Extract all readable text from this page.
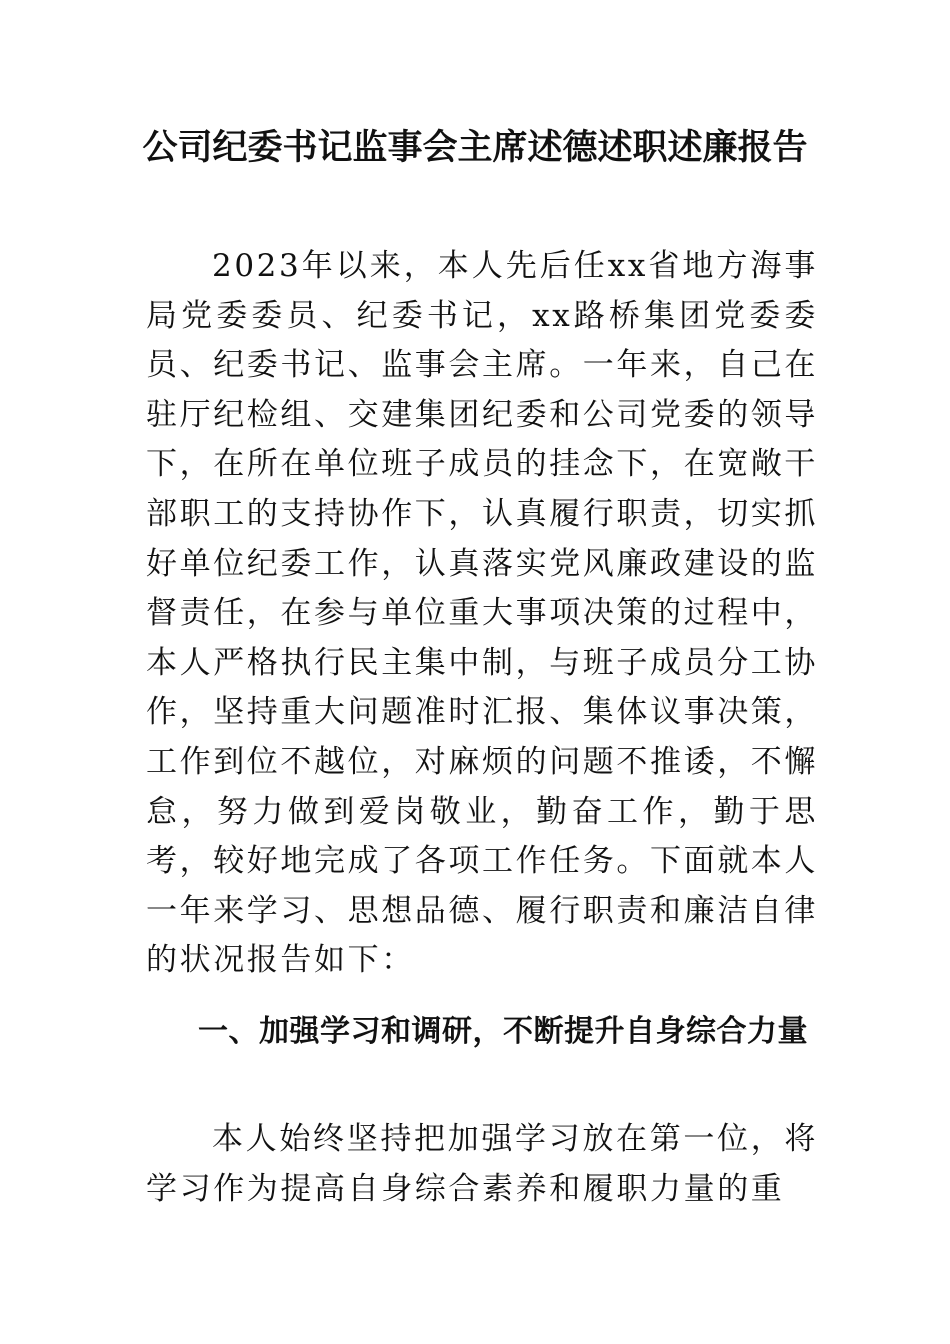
公司纪委书记监事会主席述德述职述廉报告

2023年以来，本人先后任xx省地方海事局党委委员、纪委书记，xx路桥集团党委委员、纪委书记、监事会主席。一年来，自己在驻厅纪检组、交建集团纪委和公司党委的领导下，在所在单位班子成员的挂念下，在宽敞干部职工的支持协作下，认真履行职责，切实抓好单位纪委工作，认真落实党风廉政建设的监督责任，在参与单位重大事项决策的过程中，本人严格执行民主集中制，与班子成员分工协作，坚持重大问题准时汇报、集体议事决策，工作到位不越位，对麻烦的问题不推诿，不懈怠，努力做到爱岗敬业，勤奋工作，勤于思考，较好地完成了各项工作任务。下面就本人一年来学习、思想品德、履行职责和廉洁自律的状况报告如下：

一、加强学习和调研，不断提升自身综合力量

本人始终坚持把加强学习放在第一位，将学习作为提高自身综合素养和履职力量的重
